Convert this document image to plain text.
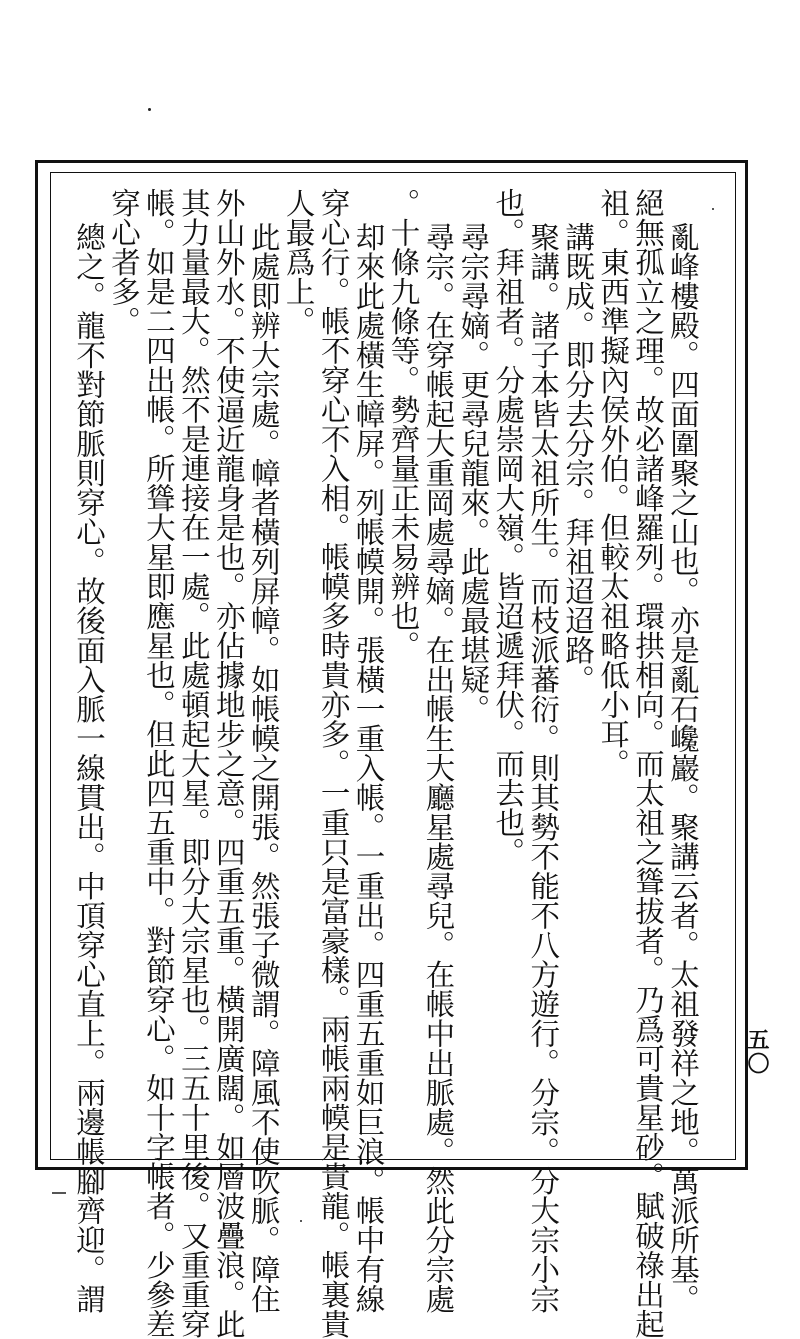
五〇
亂峰樓殿。四面圍聚之山也。亦是亂石巉巖。聚講云者。太祖發祥之地。萬派所基。
絕無孤立之理。故必諸峰羅列。環拱相向。而太祖之聳拔者。乃爲可貴星砂。賦破祿出起
祖。東西準擬內侯外伯。但較太祖略低小耳。
講既成。即分去分宗。拜祖迢迢路。
聚講。諸子本皆太祖所生。而枝派蕃衍。則其勢不能不八方遊行。分宗。分大宗小宗
也。拜祖者。分處崇岡大嶺。皆迢遞拜伏。而去也。
尋宗尋嫡。更尋兒龍來。此處最堪疑。
尋宗。在穿帳起大重岡處尋嫡。在出帳生大廳星處尋兒。在帳中出脈處。然此分宗處
。十條九條等。勢齊量正未易辨也。
却來此處橫生幛屏。列帳幙開。張橫一重入帳。一重出。四重五重如巨浪。帳中有線
穿心行。帳不穿心不入相。帳幙多時貴亦多。一重只是富豪樣。兩帳兩幙是貴龍。帳裏貴
人最爲上。
此處即辨大宗處。幛者橫列屏幛。如帳幙之開張。然張子微謂。障風不使吹脈。障住
外山外水。不使逼近龍身是也。亦佔據地步之意。四重五重。橫開廣闊。如層波疊浪。此
其力量最大。然不是連接在一處。此處頓起大星。即分大宗星也。三五十里後。又重重穿
帳。如是二四出帳。所聳大星即應星也。但此四五重中。對節穿心。如十字帳者。少參差
穿心者多。
總之。龍不對節脈則穿心。故後面入脈一線貫出。中頂穿心直上。兩邊帳腳齊迎。謂
